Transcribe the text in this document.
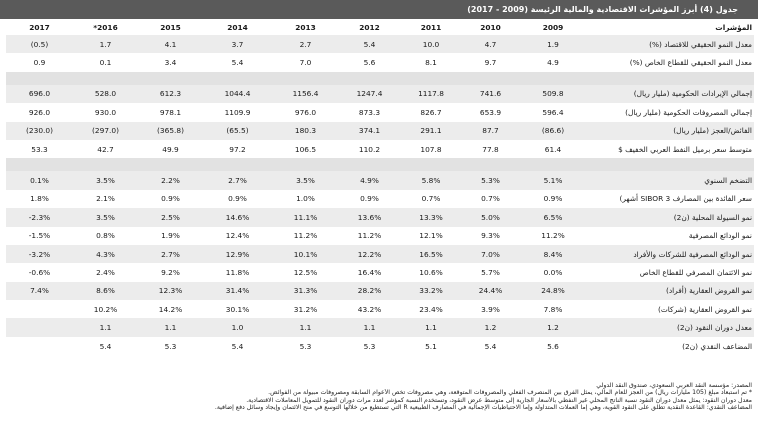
جدول (4) أبرز المؤشرات الاقتصادية والمالية الرئيسة (2009 - 2017)
2017	*2016	2015	2014	2013	2012	2011	2010	2009	المؤشرات
(0.5)	1.7	4.1	3.7	2.7	5.4	10.0	4.7	1.9	معدل النمو الحقيقي للاقتصاد (%)
0.9	0.1	3.4	5.4	7.0	5.6	8.1	9.7	4.9	معدل النمو الحقيقي للقطاع الخاص (%)

696.0	528.0	612.3	1044.4	1156.4	1247.4	1117.8	741.6	509.8	إجمالي الإيرادات الحكومية (مليار ريال)
926.0	930.0	978.1	1109.9	976.0	873.3	826.7	653.9	596.4	إجمالي المصروفات الحكومية (مليار ريال)
(230.0)	(297.0)	(365.8)	(65.5)	180.3	374.1	291.1	87.7	(86.6)	الفائض/العجز (مليار ريال)
53.3	42.7	49.9	97.2	106.5	110.2	107.8	77.8	61.4	متوسط سعر برميل النفط العربي الخفيف $

0.1%	3.5%	2.2%	2.7%	3.5%	4.9%	5.8%	5.3%	5.1%	التضخم السنوي
1.8%	2.1%	0.9%	0.9%	1.0%	0.9%	0.7%	0.7%	0.9%	سعر الفائدة بين المصارف SIBOR 3 أشهر)
-2.3%	3.5%	2.5%	14.6%	11.1%	13.6%	13.3%	5.0%	6.5%	نمو السيولة المحلية (ن2)
-1.5%	0.8%	1.9%	12.4%	11.2%	11.2%	12.1%	9.3%	11.2%	نمو الودائع المصرفية
-3.2%	4.3%	2.7%	12.9%	10.1%	12.2%	16.5%	7.0%	8.4%	نمو الودائع المصرفية للشركات والأفراد
-0.6%	2.4%	9.2%	11.8%	12.5%	16.4%	10.6%	5.7%	0.0%	نمو الائتمان المصرفي للقطاع الخاص
7.4%	8.6%	12.3%	31.4%	31.3%	28.2%	33.2%	24.4%	24.8%	نمو القروض العقارية (أفراد)
	10.2%	14.2%	30.1%	31.2%	43.2%	23.4%	3.9%	7.8%	نمو القروض العقارية (شركات)
	1.1	1.1	1.0	1.1	1.1	1.1	1.2	1.2	معدل دوران النقود (ن2)
	5.4	5.3	5.4	5.3	5.3	5.1	5.4	5.6	المضاعف النقدي (ن2)
المصدر: مؤسسة النقد العربي السعودي، صندوق النقد الدولي
* تم استبعاد مبلغ (105 مليارات ريال) من العجز للعام المالي، يمثل الفرق بين المنصرف الفعلي والمصروفات المتوقعة، وهي مصروفات تخص الأعوام السابقة ومصروفات مبيولة من الفوائض.
معدل دوران النقود: يمثل معدل دوران النقود نسبة الناتج المحلي غير النفطي بالأسعار الجارية إلى متوسط عرض النقود، وتستخدم النسبة كمؤشر لعدد مرات دوران النقود للتمويل المعاملات الاقتصادية.
المضاعف النقدي: القاعدة النقدية تطلق على النقود القوية، وهي إما العملات المتداولة وإما الاحتياطيات الإجمالية في المصارف الطبيعية R التي تستطيع من خلالها التوسع في منح الائتمان وإيجاد وسائل دفع إضافية.
